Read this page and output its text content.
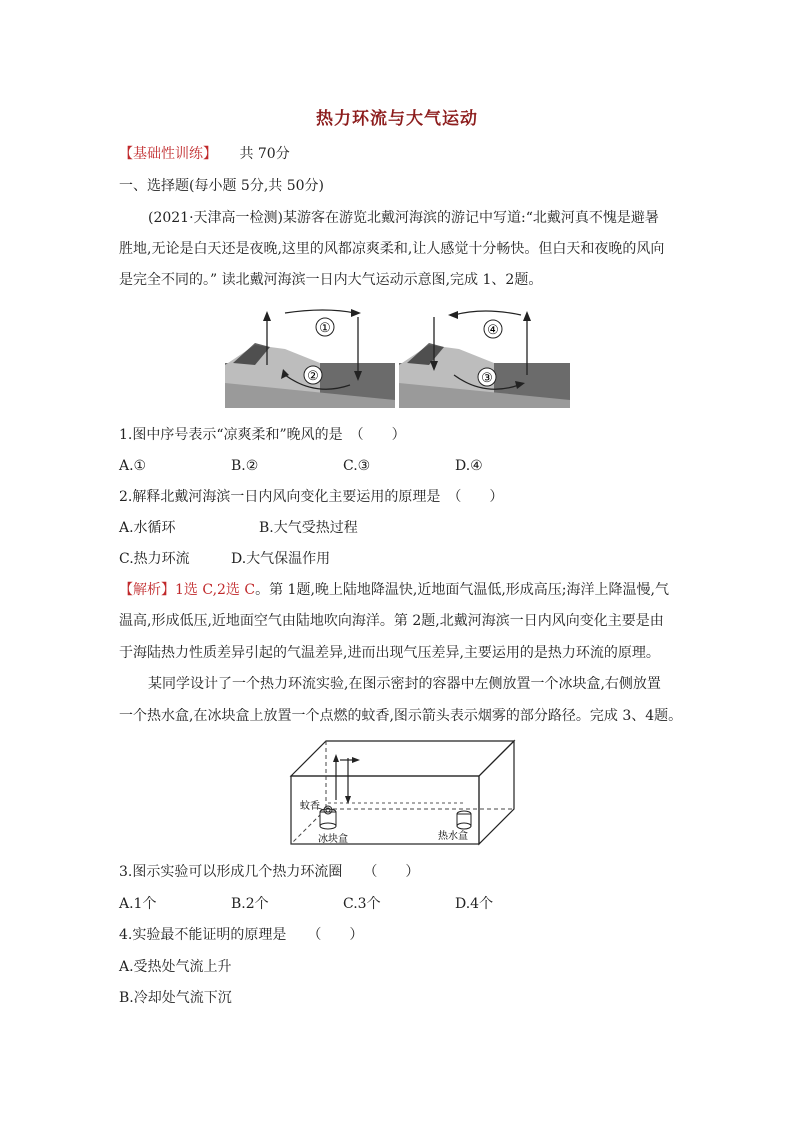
热力环流与大气运动
【基础性训练】 共 70分
一、选择题(每小题 5分,共 50分)
(2021·天津高一检测)某游客在游览北戴河海滨的游记中写道:“北戴河真不愧是避暑
胜地,无论是白天还是夜晚,这里的风都凉爽柔和,让人感觉十分畅快。但白天和夜晚的风向
是完全不同的。” 读北戴河海滨一日内大气运动示意图,完成 1、2题。
①
②
④
③
1.图中序号表示“凉爽柔和”晚风的是　（　　）
A.①	B.②	C.③	D.④
2.解释北戴河海滨一日内风向变化主要运用的原理是　（　　）
A.水循环	B.大气受热过程
C.热力环流	D.大气保温作用
【解析】1选 C,2选 C。第 1题,晚上陆地降温快,近地面气温低,形成高压;海洋上降温慢,气
温高,形成低压,近地面空气由陆地吹向海洋。第 2题,北戴河海滨一日内风向变化主要是由
于海陆热力性质差异引起的气温差异,进而出现气压差异,主要运用的是热力环流的原理。
某同学设计了一个热力环流实验,在图示密封的容器中左侧放置一个冰块盒,右侧放置
一个热水盒,在冰块盒上放置一个点燃的蚊香,图示箭头表示烟雾的部分路径。完成 3、4题。
蚊香
冰块盒	热水盒
3.图示实验可以形成几个热力环流圈　　（　　）
A.1个	B.2个	C.3个	D.4个
4.实验最不能证明的原理是　　（　　）
A.受热处气流上升
B.冷却处气流下沉
